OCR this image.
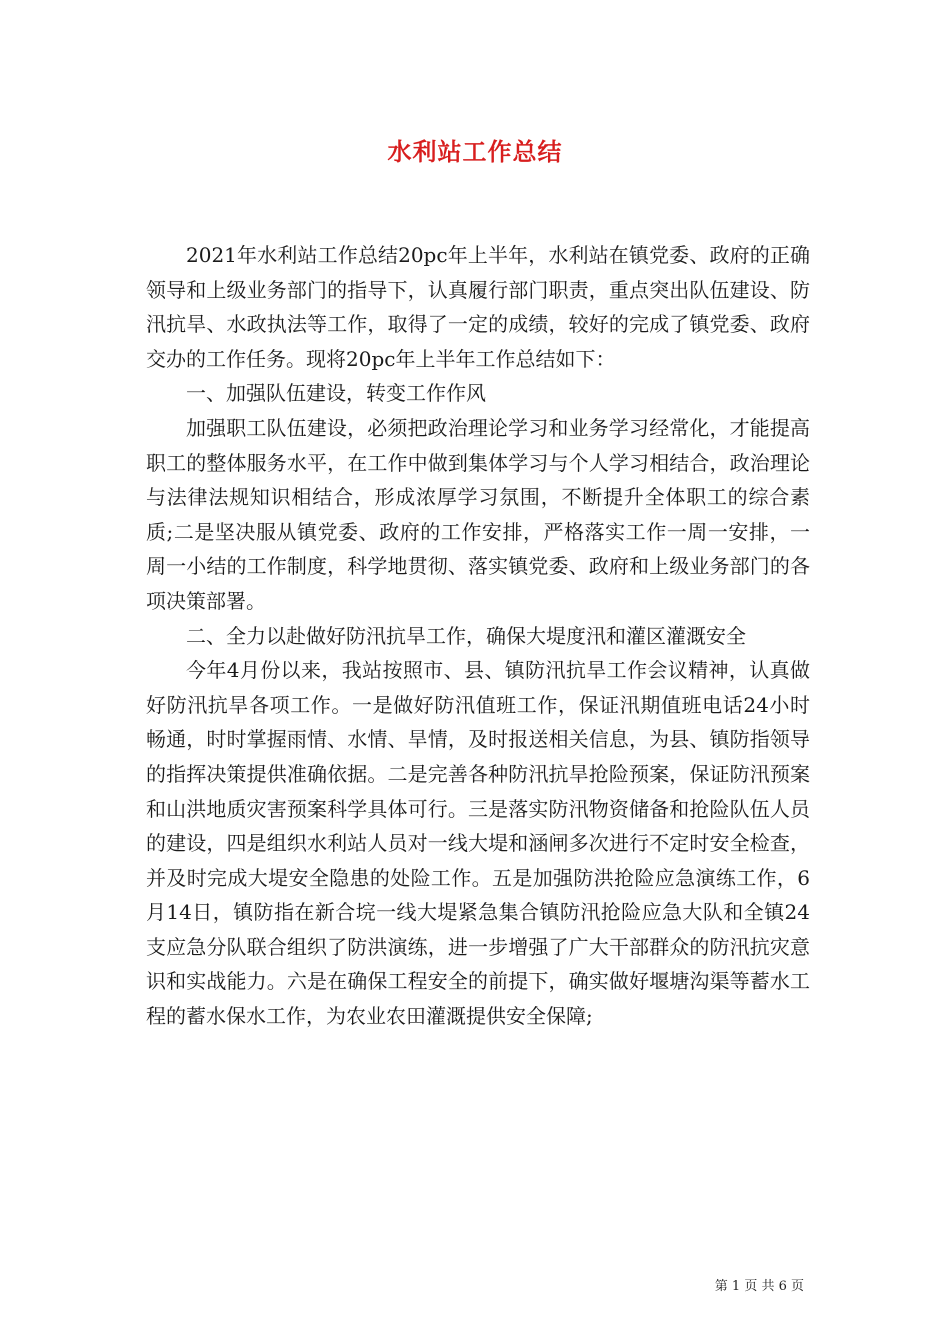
水利站工作总结

2021年水利站工作总结20pc年上半年，水利站在镇党委、政府的正确领导和上级业务部门的指导下，认真履行部门职责，重点突出队伍建设、防汛抗旱、水政执法等工作，取得了一定的成绩，较好的完成了镇党委、政府交办的工作任务。现将20pc年上半年工作总结如下：

一、加强队伍建设，转变工作作风

加强职工队伍建设，必须把政治理论学习和业务学习经常化，才能提高职工的整体服务水平，在工作中做到集体学习与个人学习相结合，政治理论与法律法规知识相结合，形成浓厚学习氛围，不断提升全体职工的综合素质;二是坚决服从镇党委、政府的工作安排，严格落实工作一周一安排，一周一小结的工作制度，科学地贯彻、落实镇党委、政府和上级业务部门的各项决策部署。

二、全力以赴做好防汛抗旱工作，确保大堤度汛和灌区灌溉安全

今年4月份以来，我站按照市、县、镇防汛抗旱工作会议精神，认真做好防汛抗旱各项工作。一是做好防汛值班工作，保证汛期值班电话24小时畅通，时时掌握雨情、水情、旱情，及时报送相关信息，为县、镇防指领导的指挥决策提供准确依据。二是完善各种防汛抗旱抢险预案，保证防汛预案和山洪地质灾害预案科学具体可行。三是落实防汛物资储备和抢险队伍人员的建设，四是组织水利站人员对一线大堤和涵闸多次进行不定时安全检查，并及时完成大堤安全隐患的处险工作。五是加强防洪抢险应急演练工作，6月14日，镇防指在新合垸一线大堤紧急集合镇防汛抢险应急大队和全镇24支应急分队联合组织了防洪演练，进一步增强了广大干部群众的防汛抗灾意识和实战能力。六是在确保工程安全的前提下，确实做好堰塘沟渠等蓄水工程的蓄水保水工作，为农业农田灌溉提供安全保障;

第 1 页 共 6 页
